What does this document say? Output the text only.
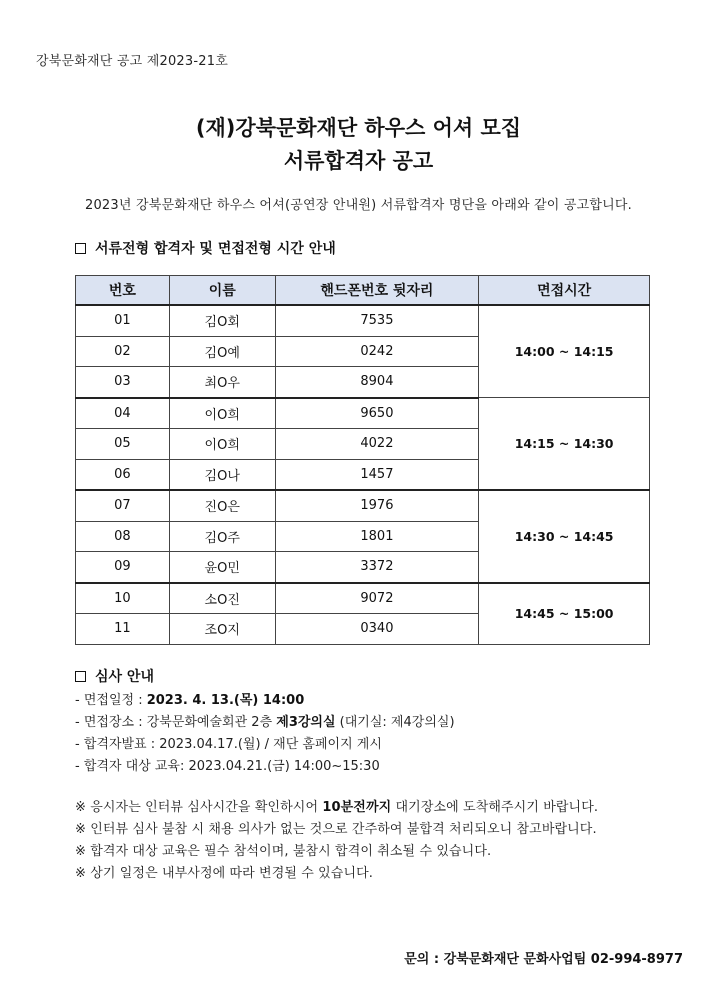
강북문화재단 공고 제2023-21호
(재)강북문화재단 하우스 어셔 모집
서류합격자 공고
2023년 강북문화재단 하우스 어셔(공연장 안내원) 서류합격자 명단을 아래와 같이 공고합니다.
서류전형 합격자 및 면접전형 시간 안내
번호	이름	핸드폰번호 뒷자리	면접시간
01	김O회	7535	14:00 ~ 14:15
02	김O예	0242	
03	최O우	8904	
04	이O희	9650	14:15 ~ 14:30
05	이O희	4022	
06	김O나	1457	
07	진O은	1976	14:30 ~ 14:45
08	김O주	1801	
09	윤O민	3372	
10	소O진	9072	14:45 ~ 15:00
11	조O지	0340	
심사 안내
- 면접일정 : 2023. 4. 13.(목) 14:00
- 면접장소 : 강북문화예술회관 2층 제3강의실 (대기실: 제4강의실)
- 합격자발표 : 2023.04.17.(월) / 재단 홈페이지 게시
- 합격자 대상 교육: 2023.04.21.(금) 14:00~15:30
※ 응시자는 인터뷰 심사시간을 확인하시어 10분전까지 대기장소에 도착해주시기 바랍니다.
※ 인터뷰 심사 불참 시 채용 의사가 없는 것으로 간주하여 불합격 처리되오니 참고바랍니다.
※ 합격자 대상 교육은 필수 참석이며, 불참시 합격이 취소될 수 있습니다.
※ 상기 일정은 내부사정에 따라 변경될 수 있습니다.
문의 : 강북문화재단 문화사업팀 02-994-8977
